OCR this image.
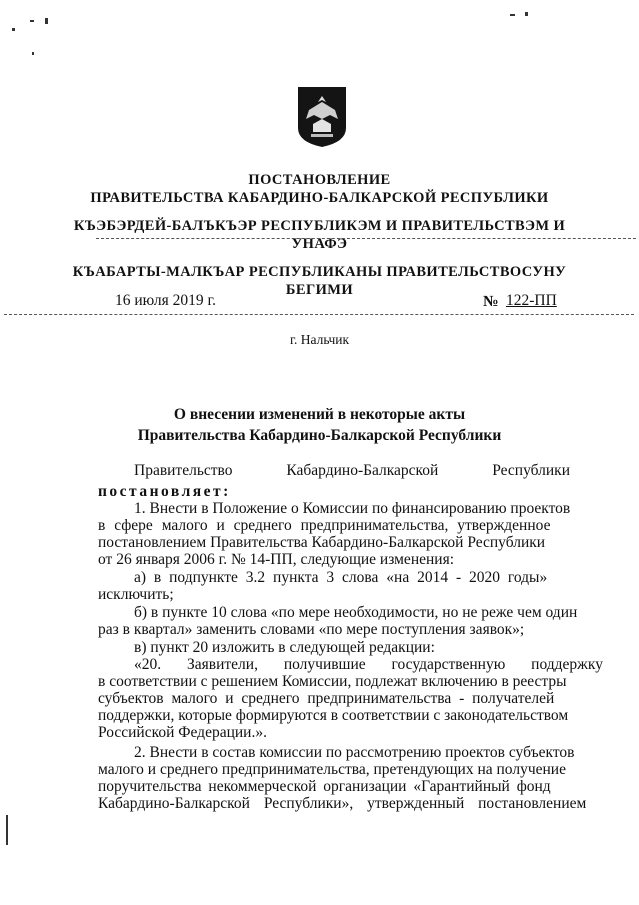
ПОСТАНОВЛЕНИЕ
ПРАВИТЕЛЬСТВА КАБАРДИНО-БАЛКАРСКОЙ РЕСПУБЛИКИ
КЪЭБЭРДЕЙ-БАЛЪКЪЭР РЕСПУБЛИКЭМ И ПРАВИТЕЛЬСТВЭМ И
УНАФЭ
КЪАБАРТЫ-МАЛКЪАР РЕСПУБЛИКАНЫ ПРАВИТЕЛЬСТВОСУНУ
БЕГИМИ
16 июля 2019 г.	№ 122-ПП
г. Нальчик
О внесении изменений в некоторые акты
Правительства Кабардино-Балкарской Республики
Правительство	Кабардино-Балкарской	Республики
постановляет:
1. Внести в Положение о Комиссии по финансированию проектов
в сфере малого и среднего предпринимательства, утвержденное
постановлением Правительства Кабардино-Балкарской Республики
от 26 января 2006 г. № 14-ПП, следующие изменения:
а) в подпункте 3.2 пункта 3 слова «на 2014 - 2020 годы»
исключить;
б) в пункте 10 слова «по мере необходимости, но не реже чем один
раз в квартал» заменить словами «по мере поступления заявок»;
в) пункт 20 изложить в следующей редакции:
«20. Заявители, получившие государственную поддержку
в соответствии с решением Комиссии, подлежат включению в реестры
субъектов малого и среднего предпринимательства - получателей
поддержки, которые формируются в соответствии с законодательством
Российской Федерации.».
2. Внести в состав комиссии по рассмотрению проектов субъектов
малого и среднего предпринимательства, претендующих на получение
поручительства некоммерческой организации «Гарантийный фонд
Кабардино-Балкарской Республики», утвержденный постановлением
